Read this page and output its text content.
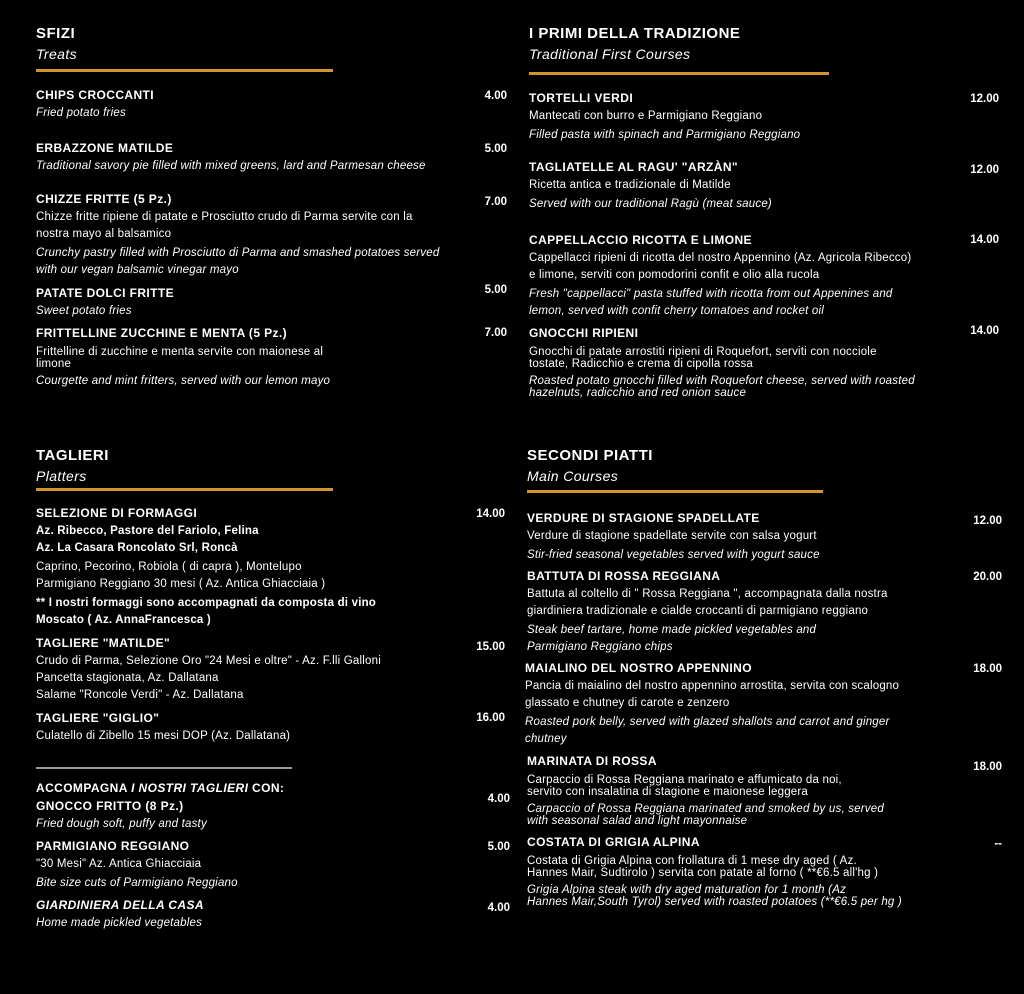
SFIZI
Treats
CHIPS CROCCANTI
Fried potato fries
4.00
ERBAZZONE MATILDE
Traditional savory pie filled with mixed greens, lard and Parmesan cheese
5.00
CHIZZE FRITTE (5 Pz.)
Chizze fritte ripiene di patate e Prosciutto crudo di Parma servite con la
nostra mayo al balsamico
Crunchy pastry filled with Prosciutto di Parma and smashed potatoes served
with our vegan balsamic vinegar mayo
7.00
PATATE DOLCI FRITTE
Sweet potato fries
5.00
FRITTELLINE ZUCCHINE E MENTA (5 Pz.)
Frittelline di zucchine e menta servite con maionese al
limone
Courgette and mint fritters, served with our lemon mayo
7.00
I PRIMI DELLA TRADIZIONE
Traditional First Courses
TORTELLI VERDI
Mantecati con burro e Parmigiano Reggiano
Filled pasta with spinach and Parmigiano Reggiano
12.00
TAGLIATELLE AL RAGU' "ARZÀN"
Ricetta antica e tradizionale di Matilde
Served with our traditional Ragù (meat sauce)
12.00
CAPPELLACCIO RICOTTA E LIMONE
Cappellacci ripieni di ricotta del nostro Appennino (Az. Agricola Ribecco)
e limone, serviti con pomodorini confit e olio alla rucola
Fresh "cappellacci" pasta stuffed with ricotta from out Appenines and
lemon, served with confit cherry tomatoes and rocket oil
14.00
GNOCCHI RIPIENI
Gnocchi di patate arrostiti ripieni di Roquefort, serviti con nocciole
tostate, Radicchio e crema di cipolla rossa
Roasted potato gnocchi filled with Roquefort cheese, served with roasted
hazelnuts, radicchio and red onion sauce
14.00
TAGLIERI
Platters
SELEZIONE DI FORMAGGI
Az. Ribecco, Pastore del Fariolo, Felina
Az. La Casara Roncolato Srl, Roncà
Caprino, Pecorino, Robiola ( di capra ), Montelupo
Parmigiano Reggiano 30 mesi ( Az. Antica Ghiacciaia )
** I nostri formaggi sono accompagnati da composta di vino
Moscato ( Az. AnnaFrancesca )
14.00
TAGLIERE "MATILDE"
Crudo di Parma, Selezione Oro "24 Mesi e oltre" - Az. F.lli Galloni
Pancetta stagionata, Az. Dallatana
Salame "Roncole Verdi" - Az. Dallatana
15.00
TAGLIERE "GIGLIO"
Culatello di Zibello 15 mesi DOP (Az. Dallatana)
16.00
SECONDI PIATTI
Main Courses
VERDURE DI STAGIONE SPADELLATE
Verdure di stagione spadellate servite con salsa yogurt
Stir-fried seasonal vegetables served with yogurt sauce
12.00
BATTUTA DI ROSSA REGGIANA
Battuta al coltello di " Rossa Reggiana ", accompagnata dalla nostra
giardiniera tradizionale e cialde croccanti di parmigiano reggiano
Steak beef tartare, home made pickled vegetables and
Parmigiano Reggiano chips
20.00
MAIALINO DEL NOSTRO APPENNINO
Pancia di maialino del nostro appennino arrostita, servita con scalogno
glassato e chutney di carote e zenzero
Roasted pork belly, served with glazed shallots and carrot and ginger
chutney
18.00
MARINATA DI ROSSA
Carpaccio di Rossa Reggiana marinato e affumicato da noi,
servito con insalatina di stagione e maionese leggera
Carpaccio of Rossa Reggiana marinated and smoked by us, served
with seasonal salad and light mayonnaise
18.00
COSTATA DI GRIGIA ALPINA
Costata di Grigia Alpina con frollatura di 1 mese dry aged ( Az.
Hannes Mair, Sudtirolo ) servita con patate al forno ( **€6.5 all'hg )
Grigia Alpina steak with dry aged maturation for 1 month (Az
Hannes Mair,South Tyrol) served with roasted potatoes (**€6.5 per hg )
--
ACCOMPAGNA I NOSTRI TAGLIERI CON:
GNOCCO FRITTO (8 Pz.)
Fried dough soft, puffy and tasty
4.00
PARMIGIANO REGGIANO
"30 Mesi" Az. Antica Ghiacciaia
Bite size cuts of Parmigiano Reggiano
5.00
GIARDINIERA DELLA CASA
Home made pickled vegetables
4.00
